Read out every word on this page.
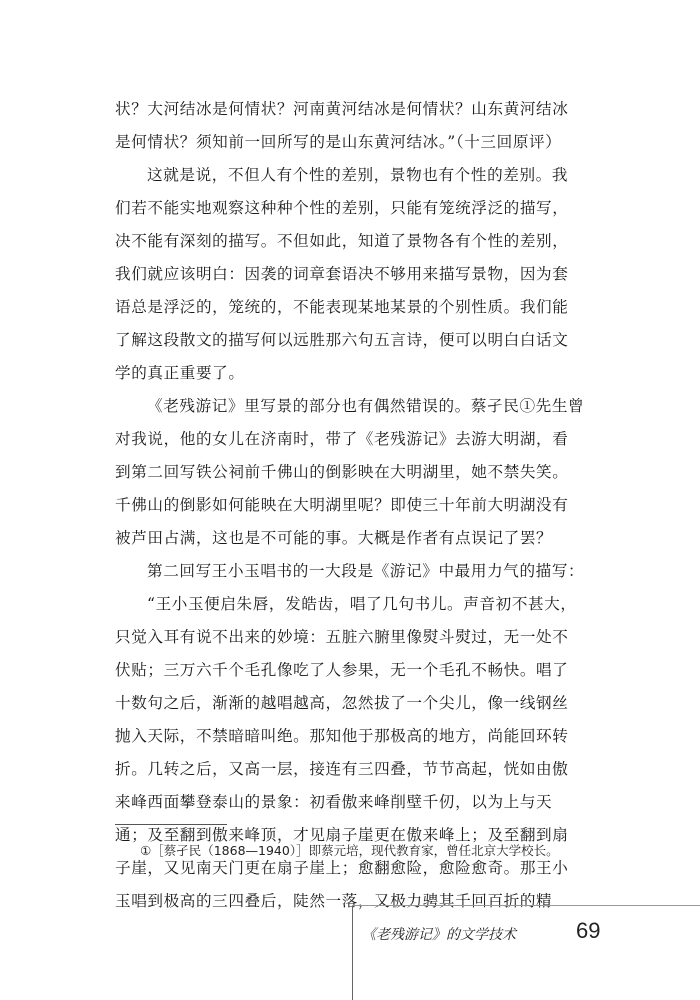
状？大河结冰是何情状？河南黄河结冰是何情状？山东黄河结冰
是何情状？须知前一回所写的是山东黄河结冰。”（十三回原评）
这就是说，不但人有个性的差别，景物也有个性的差别。我
们若不能实地观察这种种个性的差别，只能有笼统浮泛的描写，
决不能有深刻的描写。不但如此，知道了景物各有个性的差别，
我们就应该明白：因袭的词章套语决不够用来描写景物，因为套
语总是浮泛的，笼统的，不能表现某地某景的个别性质。我们能
了解这段散文的描写何以远胜那六句五言诗，便可以明白白话文
学的真正重要了。
《老残游记》里写景的部分也有偶然错误的。蔡孑民①先生曾
对我说，他的女儿在济南时，带了《老残游记》去游大明湖，看
到第二回写铁公祠前千佛山的倒影映在大明湖里，她不禁失笑。
千佛山的倒影如何能映在大明湖里呢？即使三十年前大明湖没有
被芦田占满，这也是不可能的事。大概是作者有点误记了罢？
第二回写王小玉唱书的一大段是《游记》中最用力气的描写：
“王小玉便启朱唇，发皓齿，唱了几句书儿。声音初不甚大，
只觉入耳有说不出来的妙境：五脏六腑里像熨斗熨过，无一处不
伏贴；三万六千个毛孔像吃了人参果，无一个毛孔不畅快。唱了
十数句之后，渐渐的越唱越高，忽然拔了一个尖儿，像一线钢丝
抛入天际，不禁暗暗叫绝。那知他于那极高的地方，尚能回环转
折。几转之后，又高一层，接连有三四叠，节节高起，恍如由傲
来峰西面攀登泰山的景象：初看傲来峰削壁千仞，以为上与天
通；及至翻到傲来峰顶，才见扇子崖更在傲来峰上；及至翻到扇
子崖，又见南天门更在扇子崖上；愈翻愈险，愈险愈奇。那王小
玉唱到极高的三四叠后，陡然一落，又极力骋其千回百折的精
①［蔡孑民（1868—1940）］即蔡元培，现代教育家，曾任北京大学校长。
《老残游记》的文学技术	69
